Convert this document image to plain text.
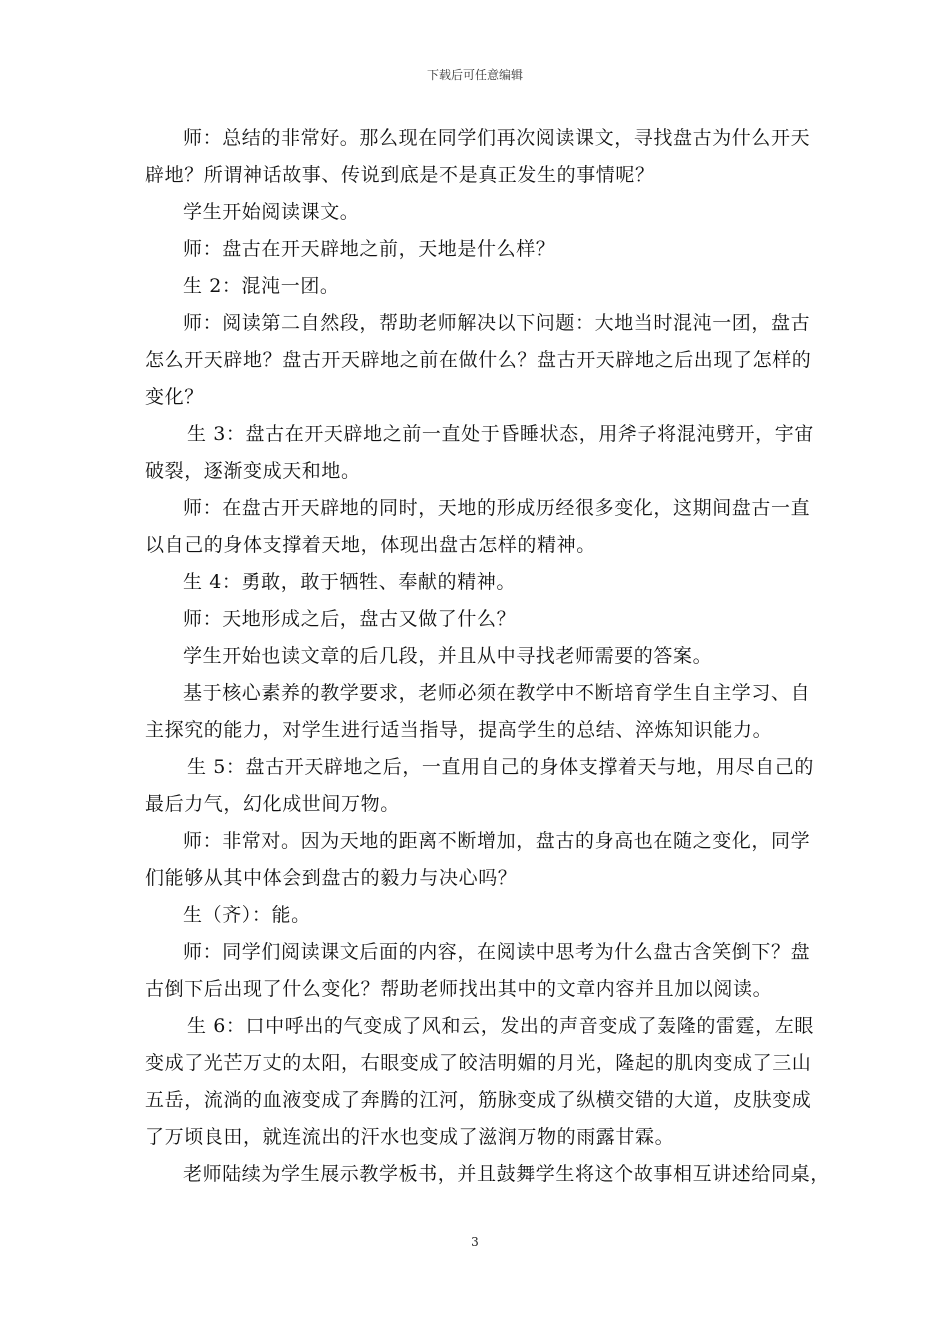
下载后可任意编辑
师：总结的非常好。那么现在同学们再次阅读课文，寻找盘古为什么开天
辟地？所谓神话故事、传说到底是不是真正发生的事情呢？
学生开始阅读课文。
师：盘古在开天辟地之前，天地是什么样？
生 2：混沌一团。
师：阅读第二自然段，帮助老师解决以下问题：大地当时混沌一团，盘古
怎么开天辟地？盘古开天辟地之前在做什么？盘古开天辟地之后出现了怎样的
变化？
生 3：盘古在开天辟地之前一直处于昏睡状态，用斧子将混沌劈开，宇宙
破裂，逐渐变成天和地。
师：在盘古开天辟地的同时，天地的形成历经很多变化，这期间盘古一直
以自己的身体支撑着天地，体现出盘古怎样的精神。
生 4：勇敢，敢于牺牲、奉献的精神。
师：天地形成之后，盘古又做了什么？
学生开始也读文章的后几段，并且从中寻找老师需要的答案。
基于核心素养的教学要求，老师必须在教学中不断培育学生自主学习、自
主探究的能力，对学生进行适当指导，提高学生的总结、淬炼知识能力。
生 5：盘古开天辟地之后，一直用自己的身体支撑着天与地，用尽自己的
最后力气，幻化成世间万物。
师：非常对。因为天地的距离不断增加，盘古的身高也在随之变化，同学
们能够从其中体会到盘古的毅力与决心吗？
生（齐）：能。
师：同学们阅读课文后面的内容，在阅读中思考为什么盘古含笑倒下？盘
古倒下后出现了什么变化？帮助老师找出其中的文章内容并且加以阅读。
生 6：口中呼出的气变成了风和云，发出的声音变成了轰隆的雷霆，左眼
变成了光芒万丈的太阳，右眼变成了皎洁明媚的月光，隆起的肌肉变成了三山
五岳，流淌的血液变成了奔腾的江河，筋脉变成了纵横交错的大道，皮肤变成
了万顷良田，就连流出的汗水也变成了滋润万物的雨露甘霖。
老师陆续为学生展示教学板书，并且鼓舞学生将这个故事相互讲述给同桌，
3
